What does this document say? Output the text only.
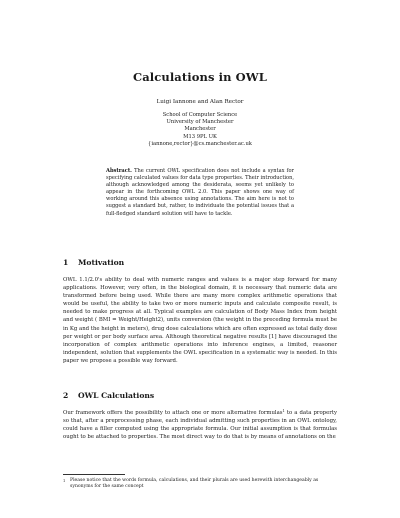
Calculations in OWL
Luigi Iannone and Alan Rector
School of Computer Science
University of Manchester
Manchester
M13 9PL UK
{iannone,rector}@cs.manchester.ac.uk
Abstract. The current OWL specification does not include a syntax for specifying calculated values for data type properties. Their introduction, although acknowledged among the desiderata, seems yet unlikely to appear in the forthcoming OWL 2.0. This paper shows one way of working around this absence using annotations. The aim here is not to suggest a standard but, rather, to individuate the potential issues that a full-fledged standard solution will have to tackle.
1 Motivation
OWL 1.1/2.0's ability to deal with numeric ranges and values is a major step forward for many applications. However, very often, in the biological domain, it is necessary that numeric data are transformed before being used. While there are many more complex arithmetic operations that would be useful, the ability to take two or more numeric inputs and calculate composite result, is needed to make progress at all. Typical examples are calculation of Body Mass Index from height and weight ( BMI = Weight/Height2), units conversion (the weight in the preceding formula must be in Kg and the height in meters), drug dose calculations which are often expressed as total daily dose per weight or per body surface area. Although theoretical negative results [1] have discouraged the incorporation of complex arithmetic operations into inference engines, a limited, reasoner independent, solution that supplements the OWL specification in a systematic way is needed. In this paper we propose a possible way forward.
2 OWL Calculations
Our framework offers the possibility to attach one or more alternative formulas$^1$ to a data property so that, after a preprocessing phase, each individual admitting such properties in an OWL ontology, could have a filler computed using the appropriate formula. Our initial assumption is that formulas ought to be attached to properties. The most direct way to do that is by means of annotations on the
1	Please notice that the words formula, calculations, and their plurals are used herewith interchangeably as synonyms for the same concept
